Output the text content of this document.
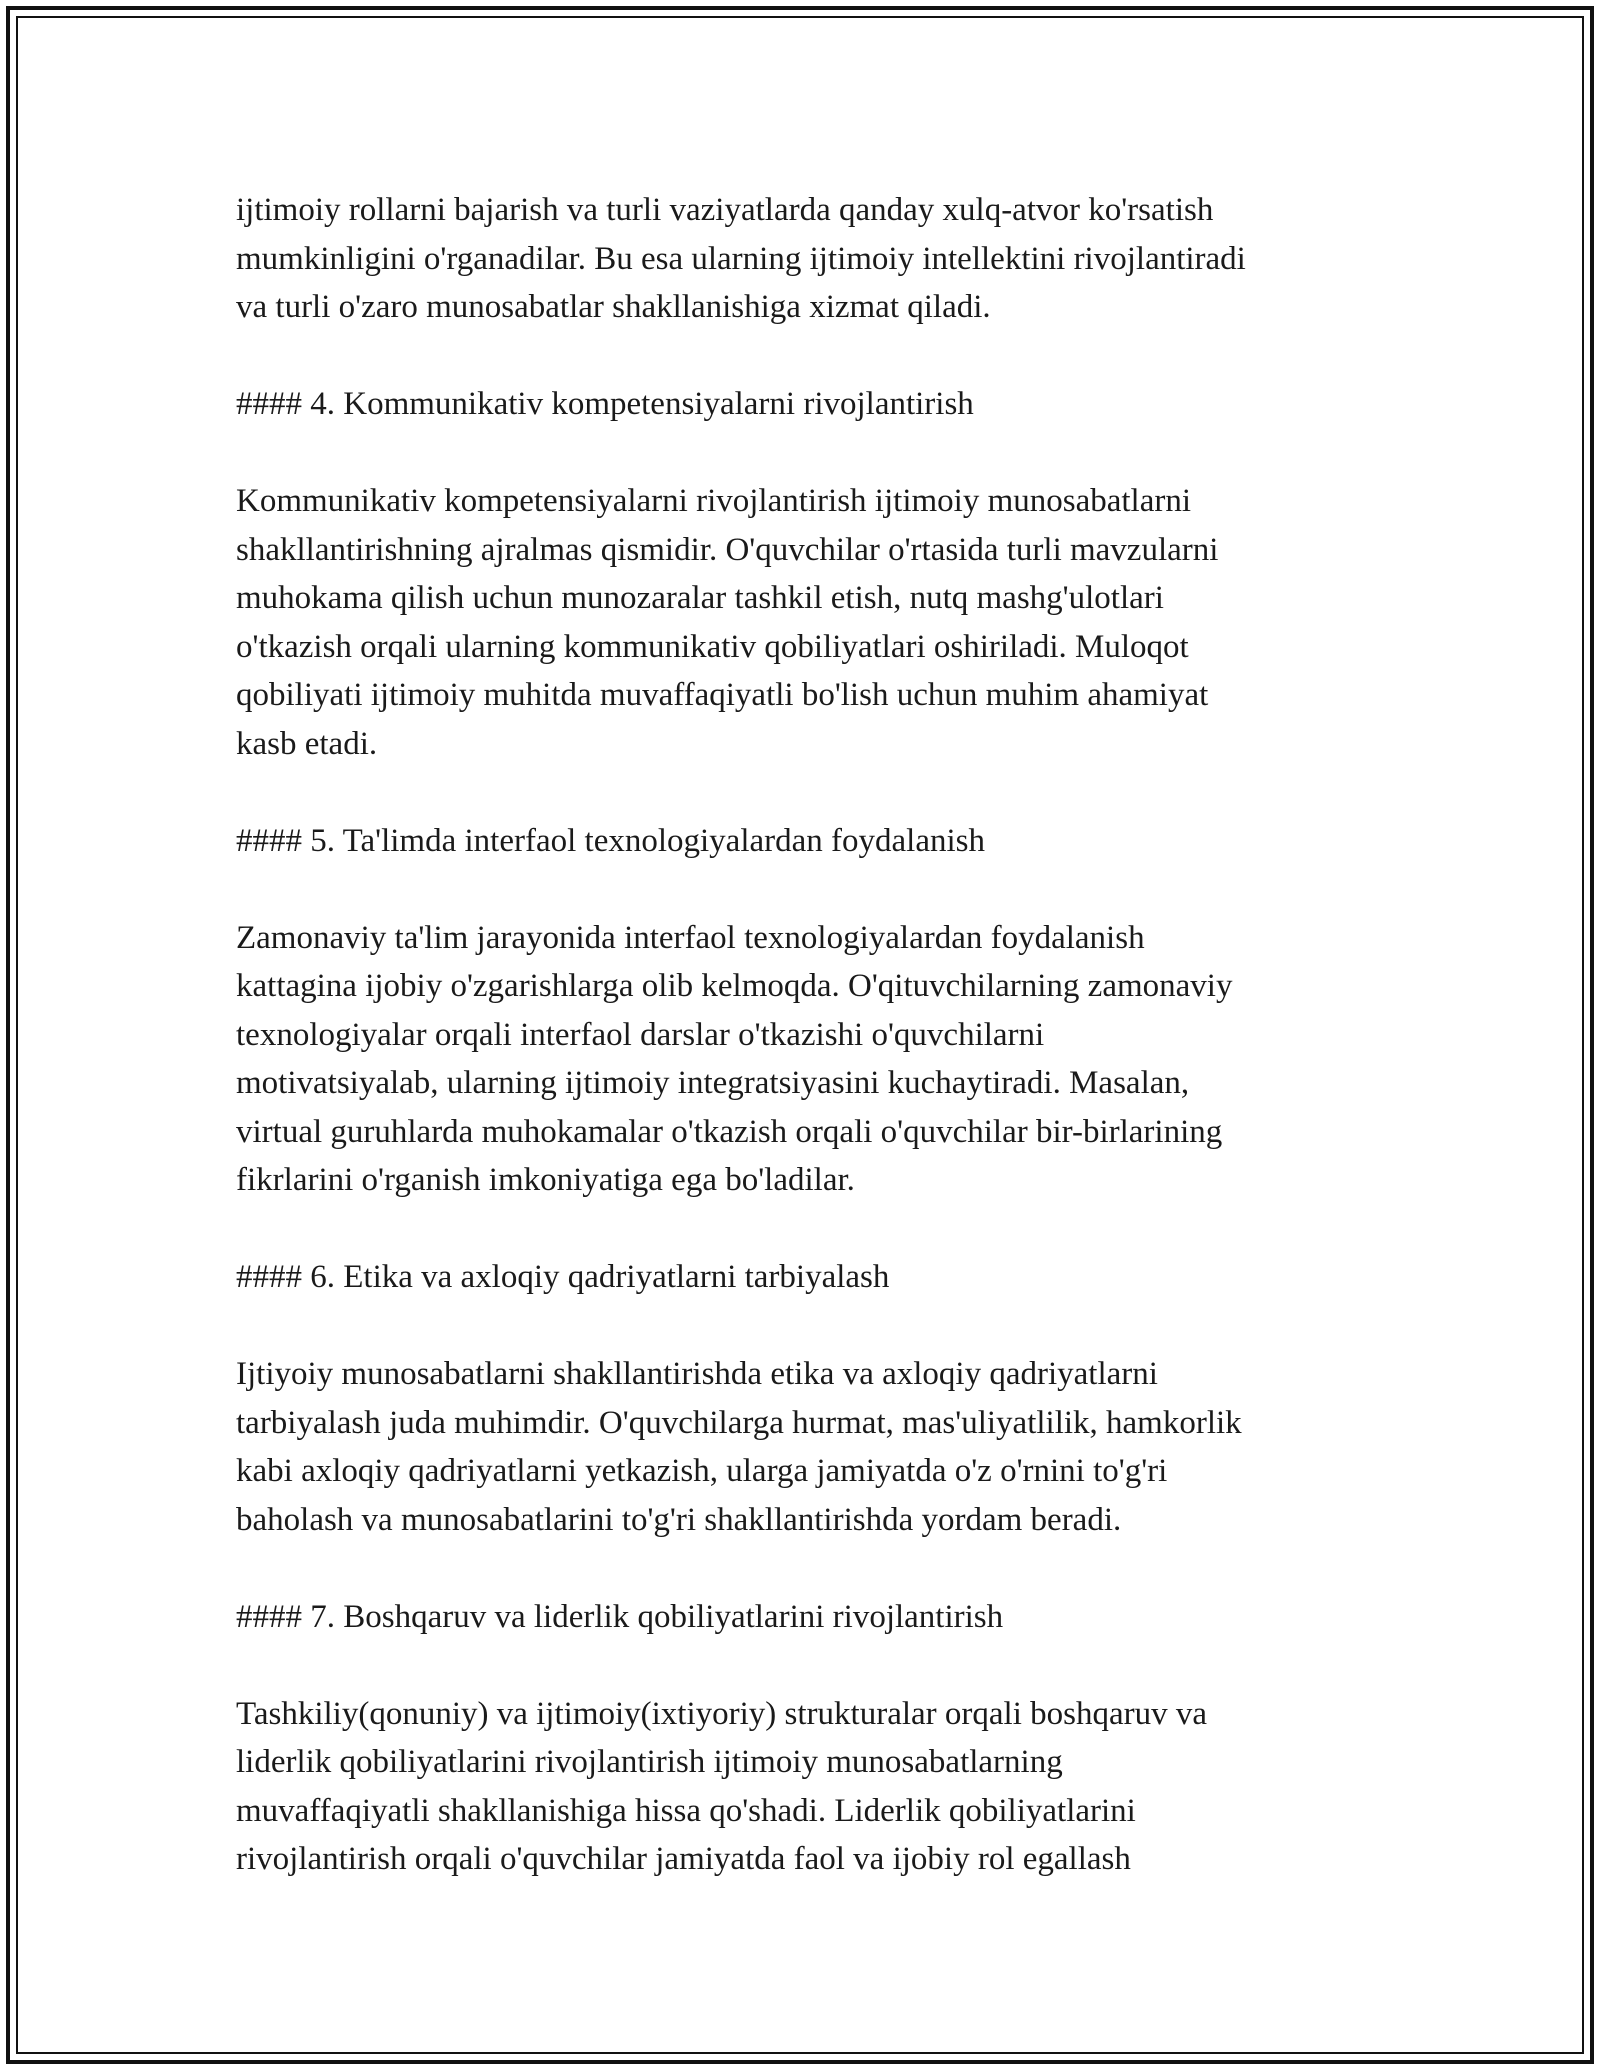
ijtimoiy rollarni bajarish va turli vaziyatlarda qanday xulq-atvor ko'rsatish
mumkinligini o'rganadilar. Bu esa ularning ijtimoiy intellektini rivojlantiradi
va turli o'zaro munosabatlar shakllanishiga xizmat qiladi.
#### 4. Kommunikativ kompetensiyalarni rivojlantirish
Kommunikativ kompetensiyalarni rivojlantirish ijtimoiy munosabatlarni
shakllantirishning ajralmas qismidir. O'quvchilar o'rtasida turli mavzularni
muhokama qilish uchun munozaralar tashkil etish, nutq mashg'ulotlari
o'tkazish orqali ularning kommunikativ qobiliyatlari oshiriladi. Muloqot
qobiliyati ijtimoiy muhitda muvaffaqiyatli bo'lish uchun muhim ahamiyat
kasb etadi.
#### 5. Ta'limda interfaol texnologiyalardan foydalanish
Zamonaviy ta'lim jarayonida interfaol texnologiyalardan foydalanish
kattagina ijobiy o'zgarishlarga olib kelmoqda. O'qituvchilarning zamonaviy
texnologiyalar orqali interfaol darslar o'tkazishi o'quvchilarni
motivatsiyalab, ularning ijtimoiy integratsiyasini kuchaytiradi. Masalan,
virtual guruhlarda muhokamalar o'tkazish orqali o'quvchilar bir-birlarining
fikrlarini o'rganish imkoniyatiga ega bo'ladilar.
#### 6. Etika va axloqiy qadriyatlarni tarbiyalash
Ijtiyoiy munosabatlarni shakllantirishda etika va axloqiy qadriyatlarni
tarbiyalash juda muhimdir. O'quvchilarga hurmat, mas'uliyatlilik, hamkorlik
kabi axloqiy qadriyatlarni yetkazish, ularga jamiyatda o'z o'rnini to'g'ri
baholash va munosabatlarini to'g'ri shakllantirishda yordam beradi.
#### 7. Boshqaruv va liderlik qobiliyatlarini rivojlantirish
Tashkiliy(qonuniy) va ijtimoiy(ixtiyoriy) strukturalar orqali boshqaruv va
liderlik qobiliyatlarini rivojlantirish ijtimoiy munosabatlarning
muvaffaqiyatli shakllanishiga hissa qo'shadi. Liderlik qobiliyatlarini
rivojlantirish orqali o'quvchilar jamiyatda faol va ijobiy rol egallash
